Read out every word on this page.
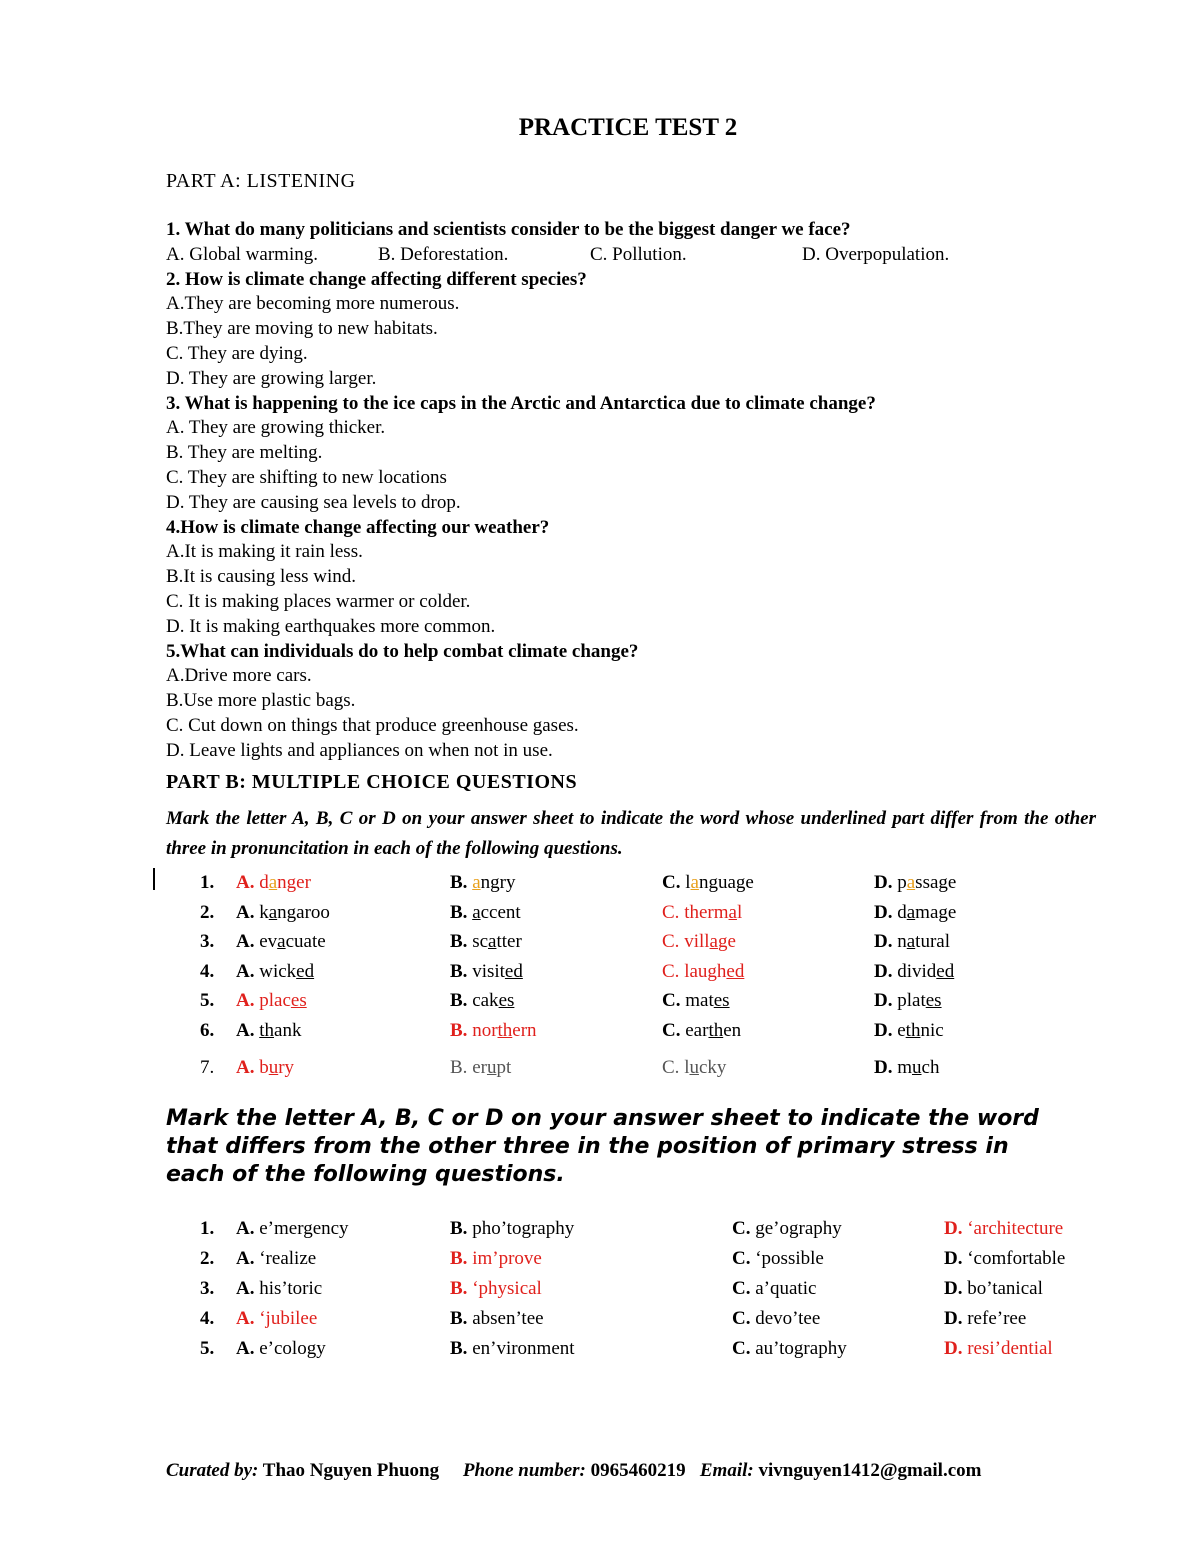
PRACTICE TEST 2
PART A: LISTENING
1. What do many politicians and scientists consider to be the biggest danger we face?
A. Global warming.	B. Deforestation.	C. Pollution.	D. Overpopulation.
2. How is climate change affecting different species?
A.They are becoming more numerous.
B.They are moving to new habitats.
C. They are dying.
D. They are growing larger.
3. What is happening to the ice caps in the Arctic and Antarctica due to climate change?
A. They are growing thicker.
B. They are melting.
C. They are shifting to new locations
D. They are causing sea levels to drop.
4.How is climate change affecting our weather?
A.It is making it rain less.
B.It is causing less wind.
C. It is making places warmer or colder.
D. It is making earthquakes more common.
5.What can individuals do to help combat climate change?
A.Drive more cars.
B.Use more plastic bags.
C. Cut down on things that produce greenhouse gases.
D. Leave lights and appliances on when not in use.
PART B: MULTIPLE CHOICE QUESTIONS
Mark the letter A, B, C or D on your answer sheet to indicate the word whose underlined part differ from the other three in pronuncitation in each of the following questions.
1. A. danger	B. angry	C. language	D. passage
2. A. kangaroo	B. accent	C. thermal	D. damage
3. A. evacuate	B. scatter	C. village	D. natural
4. A. wicked	B. visited	C. laughed	D. divided
5. A. places	B. cakes	C. mates	D. plates
6. A. thank	B. northern	C. earthen	D. ethnic
7. A. bury	B. erupt	C. lucky	D. much
Mark the letter A, B, C or D on your answer sheet to indicate the word that differs from the other three in the position of primary stress in each of the following questions.
1. A. e’mergency	B. pho’tography	C. ge’ography	D. ‘architecture
2. A. ‘realize	B. im’prove	C. ‘possible	D. ‘comfortable
3. A. his’toric	B. ‘physical	C. a’quatic	D. bo’tanical
4. A. ‘jubilee	B. absen’tee	C. devo’tee	D. refe’ree
5. A. e’cology	B. en’vironment	C. au’tography	D. resi’dential
Curated by: Thao Nguyen Phuong Phone number: 0965460219 Email: vivnguyen1412@gmail.com
